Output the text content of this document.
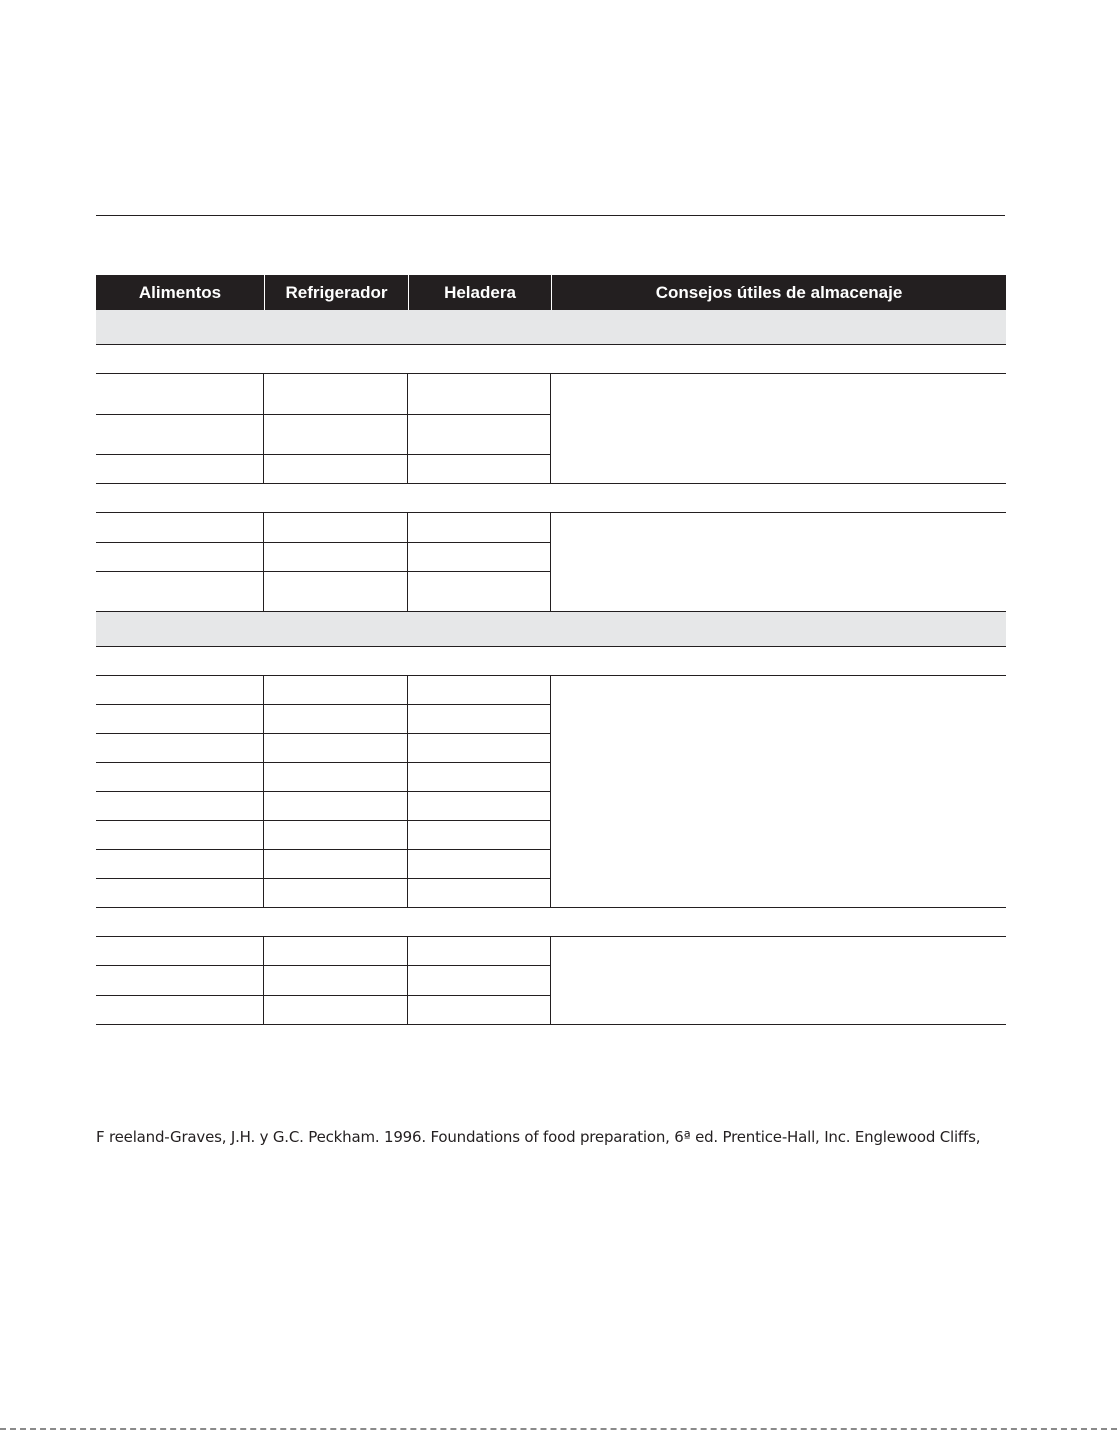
Alimentos	Refrigerador	Heladera	Consejos útiles de almacenaje
F reeland-Graves, J.H. y G.C. Peckham. 1996. Foundations of food preparation, 6ª ed. Prentice-Hall, Inc. Englewood Cliffs,
